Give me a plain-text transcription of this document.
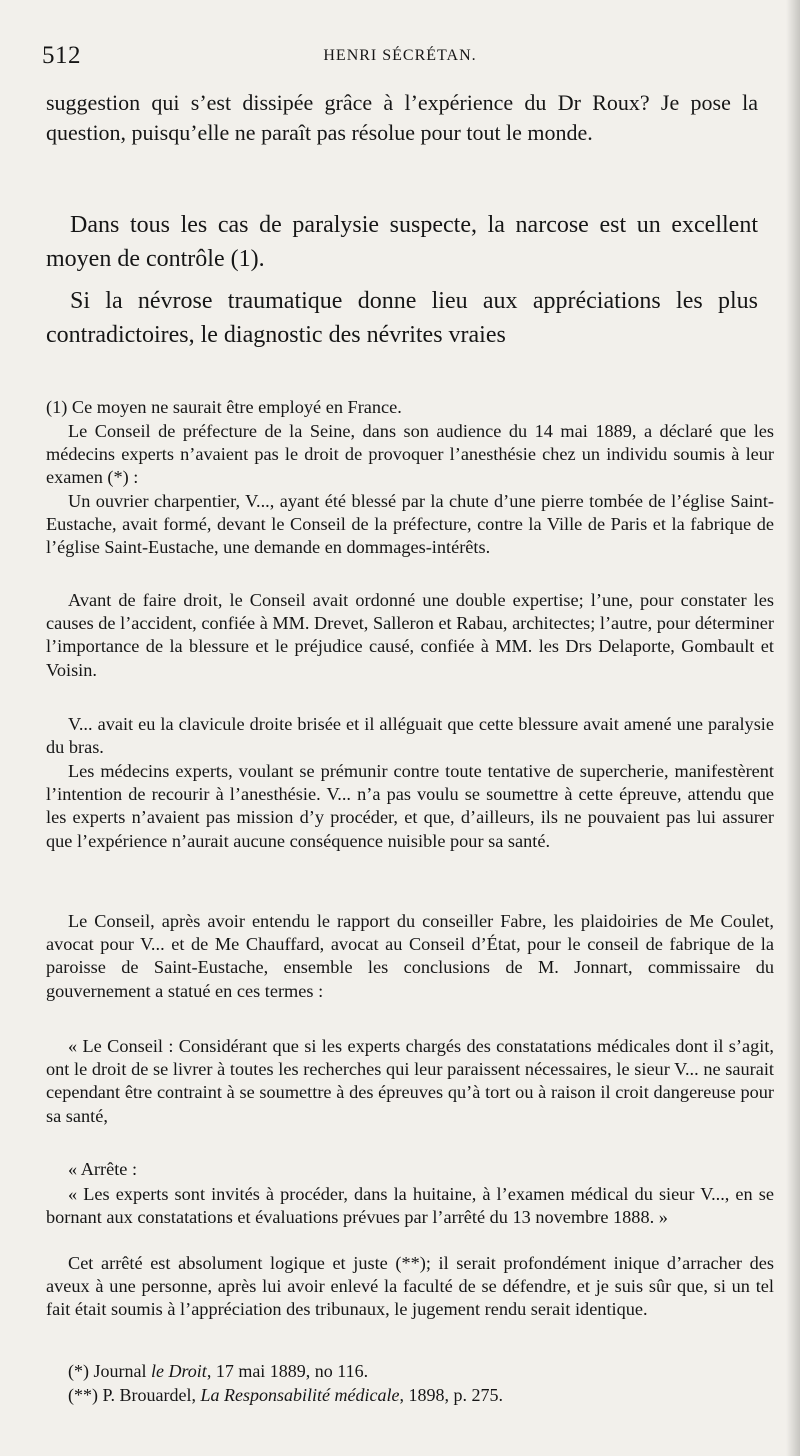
512	HENRI SÉCRÉTAN.

suggestion qui s’est dissipée grâce à l’expérience du Dr Roux? Je pose la question, puisqu’elle ne paraît pas résolue pour tout le monde.

Dans tous les cas de paralysie suspecte, la narcose est un excellent moyen de contrôle (1).

Si la névrose traumatique donne lieu aux appréciations les plus contradictoires, le diagnostic des névrites vraies

(1) Ce moyen ne saurait être employé en France.

Le Conseil de préfecture de la Seine, dans son audience du 14 mai 1889, a déclaré que les médecins experts n’avaient pas le droit de provoquer l’anesthésie chez un individu soumis à leur examen (*) :

Un ouvrier charpentier, V..., ayant été blessé par la chute d’une pierre tombée de l’église Saint-Eustache, avait formé, devant le Conseil de la préfecture, contre la Ville de Paris et la fabrique de l’église Saint-Eustache, une demande en dommages-intérêts.

Avant de faire droit, le Conseil avait ordonné une double expertise; l’une, pour constater les causes de l’accident, confiée à MM. Drevet, Salleron et Rabau, architectes; l’autre, pour déterminer l’importance de la blessure et le préjudice causé, confiée à MM. les Drs Delaporte, Gombault et Voisin.

V... avait eu la clavicule droite brisée et il alléguait que cette blessure avait amené une paralysie du bras.

Les médecins experts, voulant se prémunir contre toute tentative de supercherie, manifestèrent l’intention de recourir à l’anesthésie. V... n’a pas voulu se soumettre à cette épreuve, attendu que les experts n’avaient pas mission d’y procéder, et que, d’ailleurs, ils ne pouvaient pas lui assurer que l’expérience n’aurait aucune conséquence nuisible pour sa santé.

Le Conseil, après avoir entendu le rapport du conseiller Fabre, les plaidoiries de Me Coulet, avocat pour V... et de Me Chauffard, avocat au Conseil d’État, pour le conseil de fabrique de la paroisse de Saint-Eustache, ensemble les conclusions de M. Jonnart, commissaire du gouvernement a statué en ces termes :

« Le Conseil : Considérant que si les experts chargés des constatations médicales dont il s’agit, ont le droit de se livrer à toutes les recherches qui leur paraissent nécessaires, le sieur V... ne saurait cependant être contraint à se soumettre à des épreuves qu’à tort ou à raison il croit dangereuse pour sa santé,

« Arrête :

« Les experts sont invités à procéder, dans la huitaine, à l’examen médical du sieur V..., en se bornant aux constatations et évaluations prévues par l’arrêté du 13 novembre 1888. »

Cet arrêté est absolument logique et juste (**); il serait profondément inique d’arracher des aveux à une personne, après lui avoir enlevé la faculté de se défendre, et je suis sûr que, si un tel fait était soumis à l’appréciation des tribunaux, le jugement rendu serait identique.

(*) Journal le Droit, 17 mai 1889, no 116.

(**) P. Brouardel, La Responsabilité médicale, 1898, p. 275.
